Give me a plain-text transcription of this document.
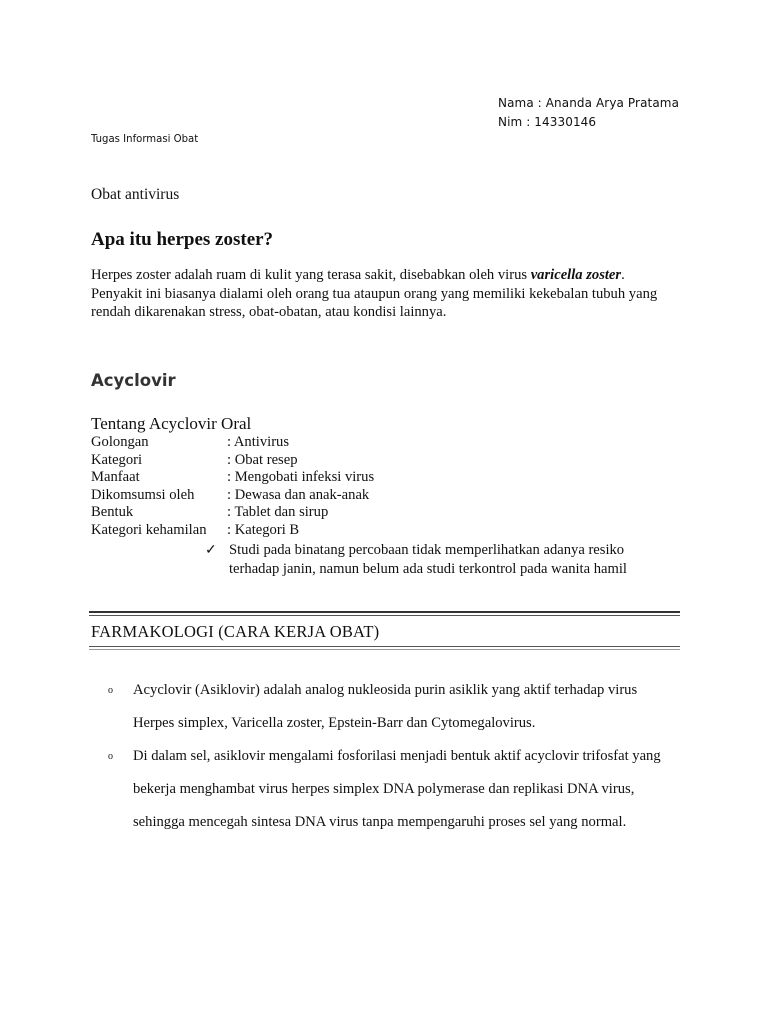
Nama : Ananda Arya Pratama
Nim : 14330146
Tugas Informasi Obat
Obat antivirus
Apa itu herpes zoster?
Herpes zoster adalah ruam di kulit yang terasa sakit, disebabkan oleh virus varicella zoster.
Penyakit ini biasanya dialami oleh orang tua ataupun orang yang memiliki kekebalan tubuh yang
rendah dikarenakan stress, obat-obatan, atau kondisi lainnya.
Acyclovir
Tentang Acyclovir Oral
Golongan	: Antivirus
Kategori	: Obat resep
Manfaat	: Mengobati infeksi virus
Dikomsumsi oleh	: Dewasa dan anak-anak
Bentuk	: Tablet dan sirup
Kategori kehamilan	: Kategori B
✓ Studi pada binatang percobaan tidak memperlihatkan adanya resiko
terhadap janin, namun belum ada studi terkontrol pada wanita hamil
FARMAKOLOGI (CARA KERJA OBAT)
o Acyclovir (Asiklovir) adalah analog nukleosida purin asiklik yang aktif terhadap virus
Herpes simplex, Varicella zoster, Epstein-Barr dan Cytomegalovirus.
o Di dalam sel, asiklovir mengalami fosforilasi menjadi bentuk aktif acyclovir trifosfat yang
bekerja menghambat virus herpes simplex DNA polymerase dan replikasi DNA virus,
sehingga mencegah sintesa DNA virus tanpa mempengaruhi proses sel yang normal.
